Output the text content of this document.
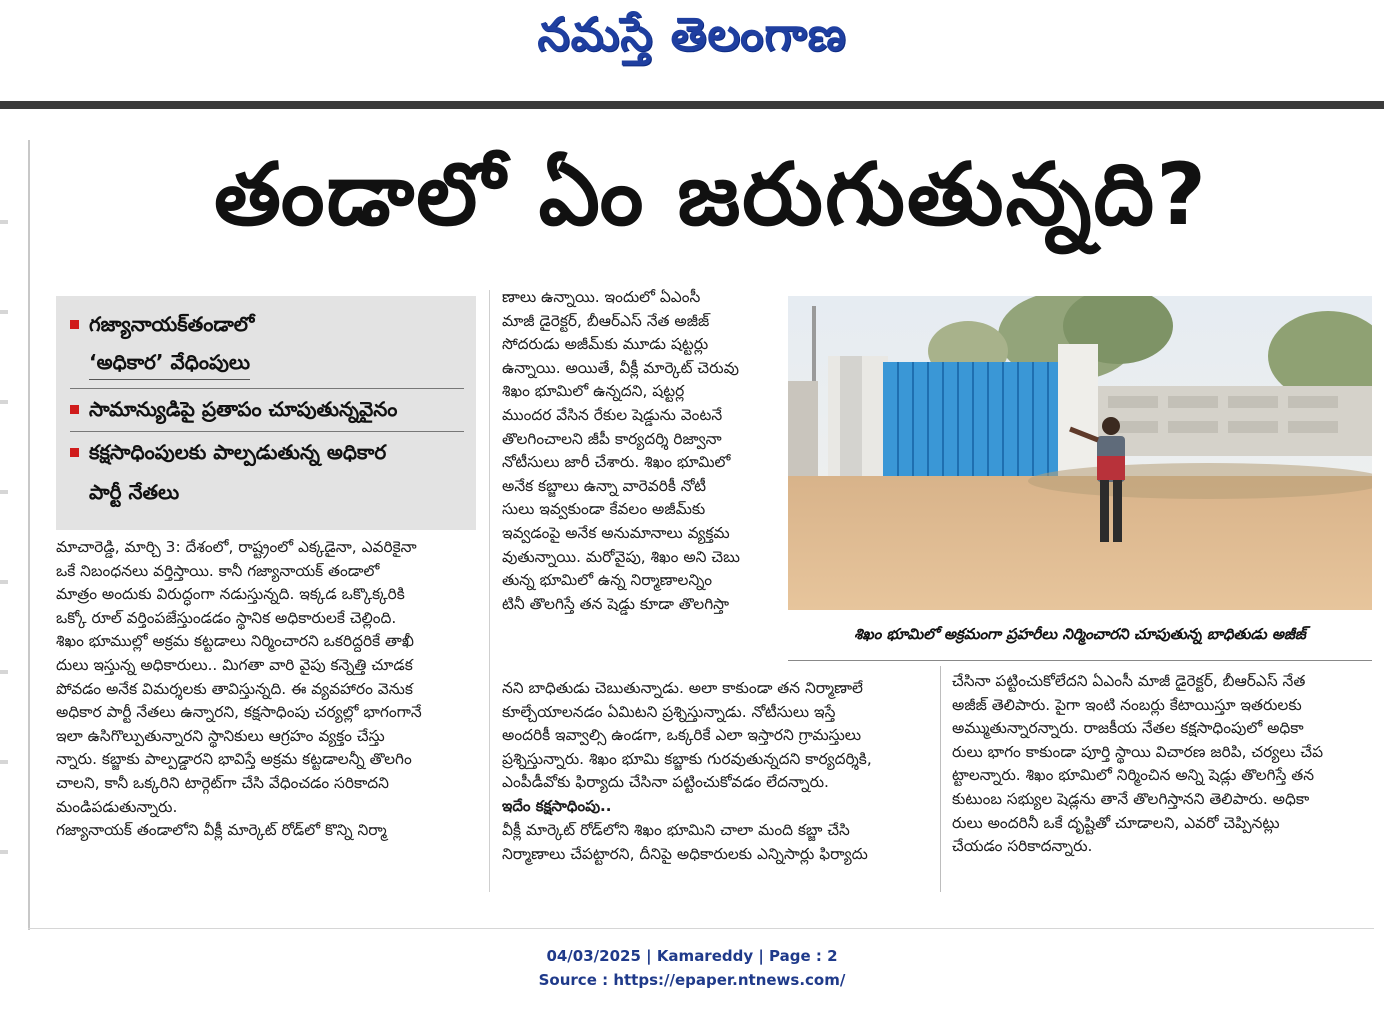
నమస్తే తెలంగాణ
తండాలో ఏం జరుగుతున్నది?
గజ్యానాయక్‌తండాలో
‘అధికార’ వేధింపులు
సామాన్యుడిపై ప్రతాపం చూపుతున్నవైనం
కక్షసాధింపులకు పాల్పడుతున్న అధికార
పార్టీ నేతలు

మాచారెడ్డి, మార్చి 3: దేశంలో, రాష్ట్రంలో ఎక్కడైనా, ఎవరికైనా

ఒకే నిబంధనలు వర్తిస్తాయి. కానీ గజ్యానాయక్ తండాలో

మాత్రం అందుకు విరుద్ధంగా నడుస్తున్నది. ఇక్కడ ఒక్కొక్కరికి

ఒక్కో రూల్ వర్తింపజేస్తుండడం స్థానిక అధికారులకే చెల్లింది.

శిఖం భూముల్లో అక్రమ కట్టడాలు నిర్మించారని ఒకరిద్దరికే తాఖీ

దులు ఇస్తున్న అధికారులు.. మిగతా వారి వైపు కన్నెత్తి చూడక

పోవడం అనేక విమర్శలకు తావిస్తున్నది. ఈ వ్యవహారం వెనుక

అధికార పార్టీ నేతలు ఉన్నారని, కక్షసాధింపు చర్యల్లో భాగంగానే

ఇలా ఉసిగొల్పుతున్నారని స్థానికులు ఆగ్రహం వ్యక్తం చేస్తు

న్నారు. కబ్జాకు పాల్పడ్డారని భావిస్తే అక్రమ కట్టడాలన్నీ తొలగిం

చాలని, కానీ ఒక్కరిని టార్గెట్‌గా చేసి వేధించడం సరికాదని

మండిపడుతున్నారు.

గజ్యానాయక్ తండాలోని వీక్లీ మార్కెట్ రోడ్‌లో కొన్ని నిర్మా

ణాలు ఉన్నాయి. ఇందులో ఏఎంసీ

మాజీ డైరెక్టర్, బీఆర్‌ఎస్ నేత అజీజ్

సోదరుడు అజీమ్‌కు మూడు షట్టర్లు

ఉన్నాయి. అయితే, వీక్లీ మార్కెట్ చెరువు

శిఖం భూమిలో ఉన్నదని, షట్టర్ల

ముందర వేసిన రేకుల షెడ్డును వెంటనే

తొలగించాలని జీపీ కార్యదర్శి రిజ్వానా

నోటీసులు జారీ చేశారు. శిఖం భూమిలో

అనేక కబ్జాలు ఉన్నా వారెవరికీ నోటీ

సులు ఇవ్వకుండా కేవలం అజీమ్‌కు

ఇవ్వడంపై అనేక అనుమానాలు వ్యక్తమ

వుతున్నాయి. మరోవైపు, శిఖం అని చెబు

తున్న భూమిలో ఉన్న నిర్మాణాలన్నిం

టినీ తొలగిస్తే తన షెడ్డు కూడా తొలగిస్తా

శిఖం భూమిలో అక్రమంగా ప్రహరీలు నిర్మించారని చూపుతున్న బాధితుడు అజీజ్

నని బాధితుడు చెబుతున్నాడు. అలా కాకుండా తన నిర్మాణాలే

కూల్చేయాలనడం ఏమిటని ప్రశ్నిస్తున్నాడు. నోటీసులు ఇస్తే

అందరికీ ఇవ్వాల్సి ఉండగా, ఒక్కరికే ఎలా ఇస్తారని గ్రామస్తులు

ప్రశ్నిస్తున్నారు. శిఖం భూమి కబ్జాకు గురవుతున్నదని కార్యదర్శికి,

ఎంపీడీవోకు ఫిర్యాదు చేసినా పట్టించుకోవడం లేదన్నారు.

ఇదేం కక్షసాధింపు..

వీక్లీ మార్కెట్ రోడ్‌లోని శిఖం భూమిని చాలా మంది కబ్జా చేసి

నిర్మాణాలు చేపట్టారని, దీనిపై అధికారులకు ఎన్నిసార్లు ఫిర్యాదు

చేసినా పట్టించుకోలేదని ఏఎంసీ మాజీ డైరెక్టర్, బీఆర్‌ఎస్ నేత

అజీజ్ తెలిపారు. పైగా ఇంటి నంబర్లు కేటాయిస్తూ ఇతరులకు

అమ్ముతున్నారన్నారు. రాజకీయ నేతల కక్షసాధింపులో అధికా

రులు భాగం కాకుండా పూర్తి స్థాయి విచారణ జరిపి, చర్యలు చేప

ట్టాలన్నారు. శిఖం భూమిలో నిర్మించిన అన్ని షెడ్లు తొలగిస్తే తన

కుటుంబ సభ్యుల షెడ్లను తానే తొలగిస్తానని తెలిపారు. అధికా

రులు అందరినీ ఒకే దృష్టితో చూడాలని, ఎవరో చెప్పినట్లు

చేయడం సరికాదన్నారు.

04/03/2025 | Kamareddy | Page : 2
Source : https://epaper.ntnews.com/
